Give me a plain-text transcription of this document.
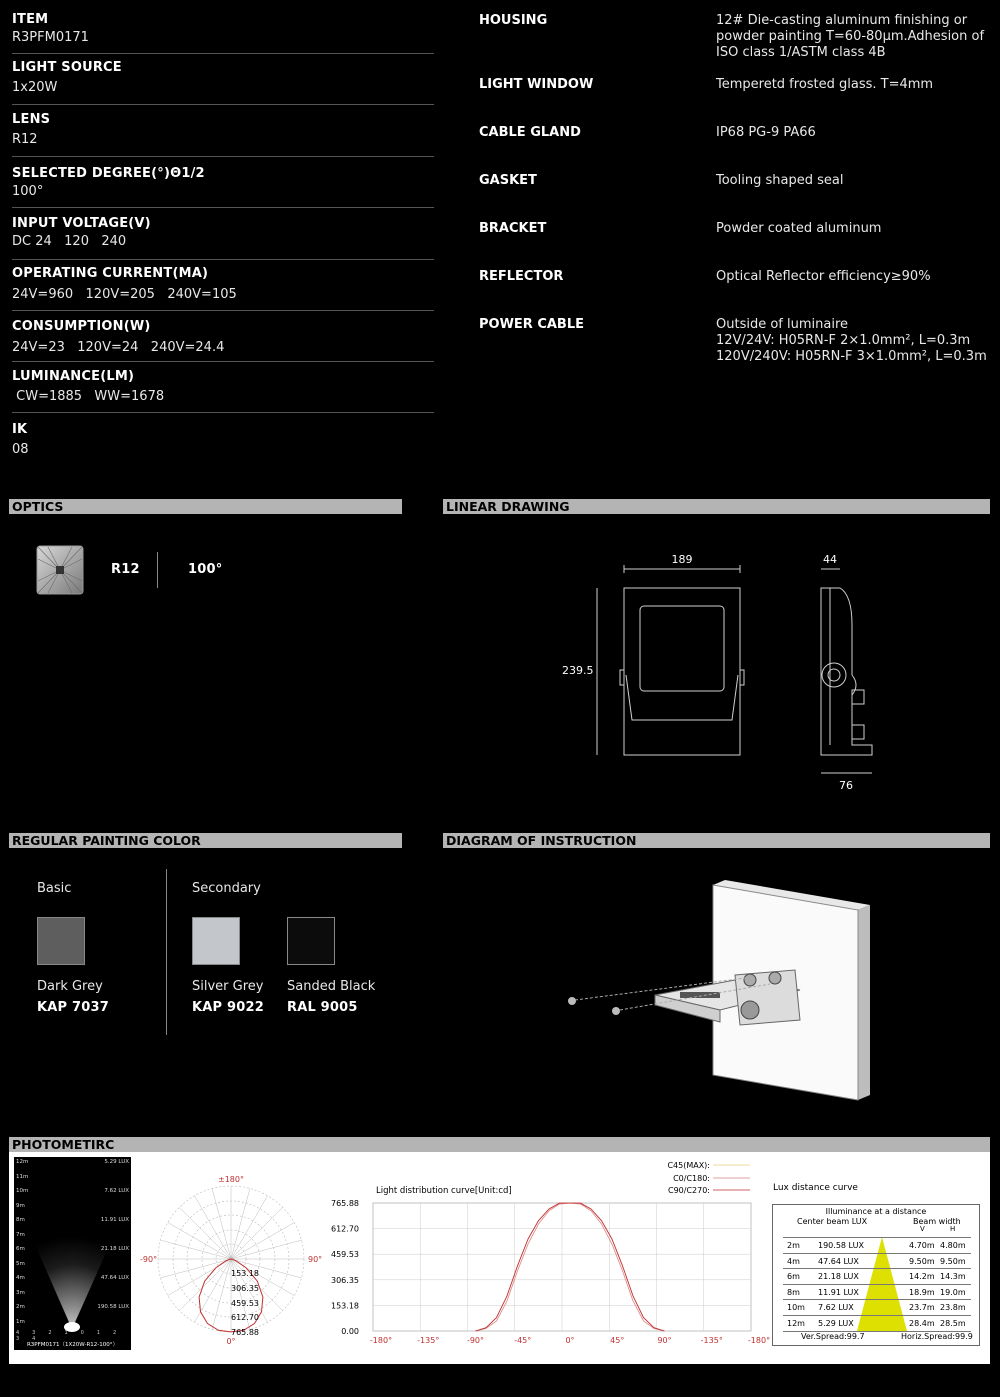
ITEM
R3PFM0171
LIGHT SOURCE
1x20W
LENS
R12
SELECTED DEGREE(°)Θ1/2
100°
INPUT VOLTAGE(V)
DC 24   120   240
OPERATING CURRENT(MA)
24V=960   120V=205   240V=105
CONSUMPTION(W)
24V=23   120V=24   240V=24.4
LUMINANCE(LM)
CW=1885   WW=1678
IK
08
HOUSING	12# Die-casting aluminum finishing or powder painting T=60-80μm.Adhesion of ISO class 1/ASTM class 4B
LIGHT WINDOW	Temperetd frosted glass. T=4mm
CABLE GLAND	IP68 PG-9 PA66
GASKET	Tooling shaped seal
BRACKET	Powder coated aluminum
REFLECTOR	Optical Reflector efficiency≥90%
POWER CABLE	Outside of luminaire
12V/24V: H05RN-F 2×1.0mm², L=0.3m
120V/240V: H05RN-F 3×1.0mm², L=0.3m
OPTICS	LINEAR DRAWING
REGULAR PAINTING COLOR	DIAGRAM OF INSTRUCTION
PHOTOMETIRC
R12	100°
189	44
239.5
76
Basic	Secondary
Dark Grey
KAP 7037
Silver Grey
KAP 9022
Sanded Black
RAL 9005
12m
11m
10m
9m
8m
7m
6m
5m
4m
3m
2m
1m
5.29 LUX
7.62 LUX
11.91 LUX
21.18 LUX
47.64 LUX
190.58 LUX
4 3 2 1 0 1 2 3 4
R3PFM0171（1X20W-R12-100°）
±180°
-90°	90°
0°
153.18
306.35
459.53
612.70
765.88
Light distribution curve[Unit:cd]
C45(MAX):
C0/C180:
C90/C270:
765.88
612.70
459.53
306.35
153.18
0.00
-180°	-135°	-90°	-45°	0°	45°	90°	-135°	-180°
Lux distance curve
Illuminance at a distance
Center beam LUX	Beam width
V	H
2m 190.58 LUX	4.70m 4.80m
4m 47.64 LUX	9.50m 9.50m
6m 21.18 LUX	14.2m 14.3m
8m 11.91 LUX	18.9m 19.0m
10m 7.62 LUX	23.7m 23.8m
12m 5.29 LUX	28.4m 28.5m
Ver.Spread:99.7	Horiz.Spread:99.9
